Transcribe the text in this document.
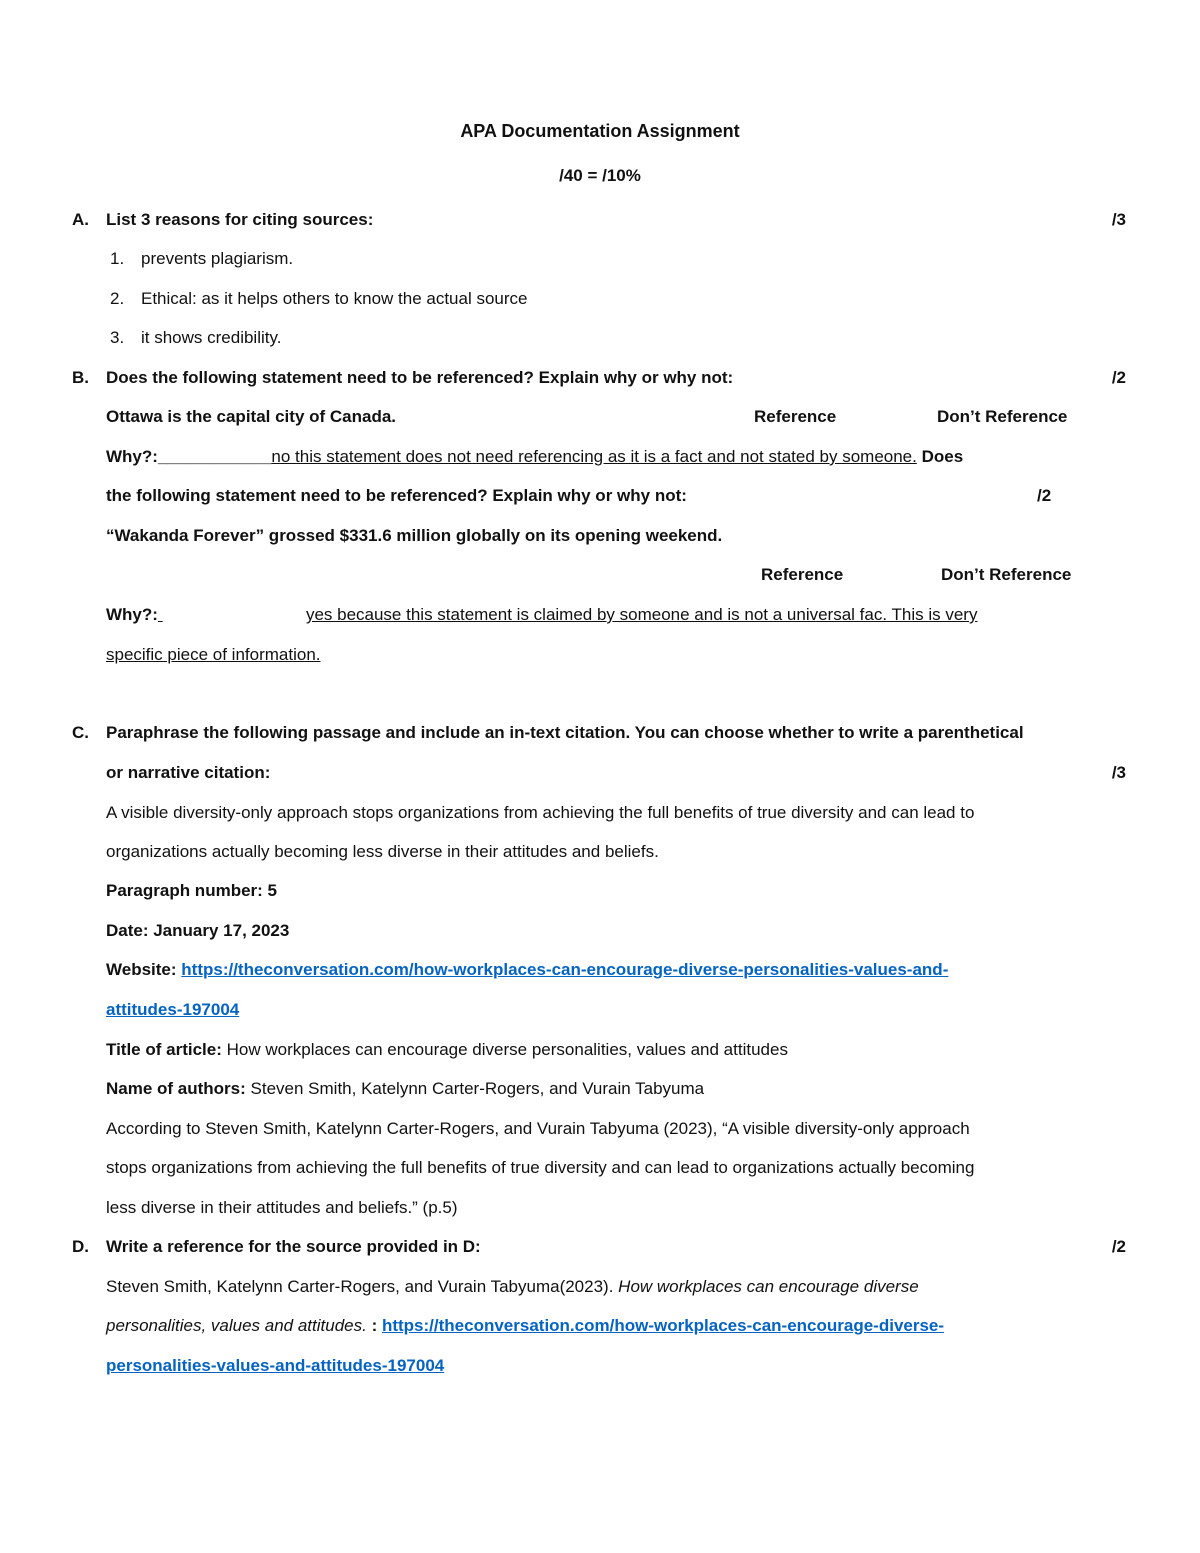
APA Documentation Assignment
/40 = /10%
A. List 3 reasons for citing sources:	/3
1. prevents plagiarism.
2. Ethical: as it helps others to know the actual source
3. it shows credibility.
B. Does the following statement need to be referenced? Explain why or why not:	/2
Ottawa is the capital city of Canada.	Reference	Don’t Reference
Why?:____________no this statement does not need referencing as it is a fact and not stated by someone. Does
the following statement need to be referenced? Explain why or why not:	/2
“Wakanda Forever” grossed $331.6 million globally on its opening weekend.
Reference	Don’t Reference
Why?:	yes because this statement is claimed by someone and is not a universal fac. This is very
specific piece of information.
C. Paraphrase the following passage and include an in-text citation. You can choose whether to write a parenthetical
or narrative citation:	/3
A visible diversity-only approach stops organizations from achieving the full benefits of true diversity and can lead to
organizations actually becoming less diverse in their attitudes and beliefs.
Paragraph number: 5
Date: January 17, 2023
Website: https://theconversation.com/how-workplaces-can-encourage-diverse-personalities-values-and-
attitudes-197004
Title of article: How workplaces can encourage diverse personalities, values and attitudes
Name of authors: Steven Smith, Katelynn Carter-Rogers, and Vurain Tabyuma
According to Steven Smith, Katelynn Carter-Rogers, and Vurain Tabyuma (2023), “A visible diversity-only approach
stops organizations from achieving the full benefits of true diversity and can lead to organizations actually becoming
less diverse in their attitudes and beliefs.” (p.5)
D. Write a reference for the source provided in D:	/2
Steven Smith, Katelynn Carter-Rogers, and Vurain Tabyuma(2023). How workplaces can encourage diverse
personalities, values and attitudes. : https://theconversation.com/how-workplaces-can-encourage-diverse-
personalities-values-and-attitudes-197004
